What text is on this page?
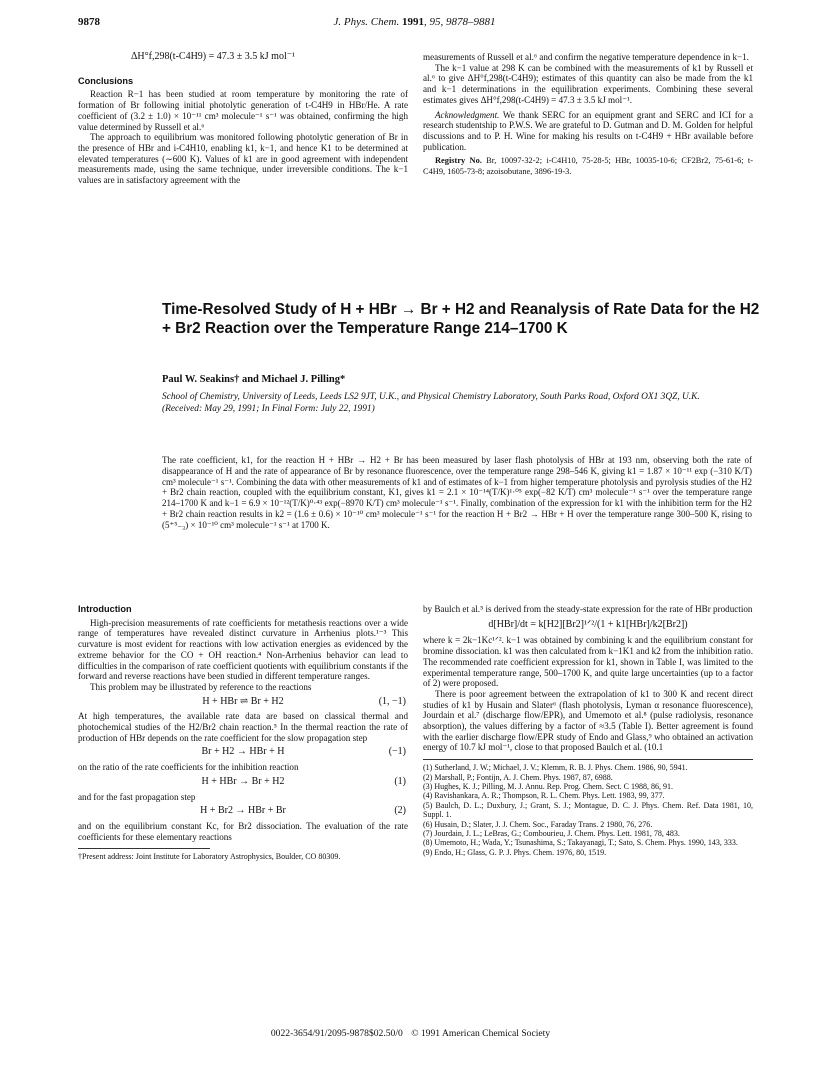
9878	J. Phys. Chem. 1991, 95, 9878–9881
ΔH°f,298(t-C4H9) = 47.3 ± 3.5 kJ mol⁻¹
Conclusions

Reaction R−1 has been studied at room temperature by monitoring the rate of formation of Br following initial photolytic generation of t-C4H9 in HBr/He. A rate coefficient of (3.2 ± 1.0) × 10⁻¹¹ cm³ molecule⁻¹ s⁻¹ was obtained, confirming the high value determined by Russell et al.⁶

The approach to equilibrium was monitored following photolytic generation of Br in the presence of HBr and i-C4H10, enabling k1, k−1, and hence K1 to be determined at elevated temperatures (∼600 K). Values of k1 are in good agreement with independent measurements made, using the same technique, under irreversible conditions. The k−1 values are in satisfactory agreement with the

measurements of Russell et al.⁶ and confirm the negative temperature dependence in k−1.

The k−1 value at 298 K can be combined with the measurements of k1 by Russell et al.⁶ to give ΔH°f,298(t-C4H9); estimates of this quantity can also be made from the k1 and k−1 determinations in the equilibration experiments. Combining these several estimates gives ΔH°f,298(t-C4H9) = 47.3 ± 3.5 kJ mol⁻¹.

Acknowledgment. We thank SERC for an equipment grant and SERC and ICI for a research studentship to P.W.S. We are grateful to D. Gutman and D. M. Golden for helpful discussions and to P. H. Wine for making his results on t-C4H9 + HBr available before publication.

Registry No. Br, 10097-32-2; i-C4H10, 75-28-5; HBr, 10035-10-6; CF2Br2, 75-61-6; t-C4H9, 1605-73-8; azoisobutane, 3896-19-3.

Time-Resolved Study of H + HBr → Br + H2 and Reanalysis of Rate Data for the H2 + Br2 Reaction over the Temperature Range 214–1700 K
Paul W. Seakins† and Michael J. Pilling*
School of Chemistry, University of Leeds, Leeds LS2 9JT, U.K., and Physical Chemistry Laboratory, South Parks Road, Oxford OX1 3QZ, U.K. (Received: May 29, 1991; In Final Form: July 22, 1991)
The rate coefficient, k1, for the reaction H + HBr → H2 + Br has been measured by laser flash photolysis of HBr at 193 nm, observing both the rate of disappearance of H and the rate of appearance of Br by resonance fluorescence, over the temperature range 298–546 K, giving k1 = 1.87 × 10⁻¹¹ exp (−310 K/T) cm³ molecule⁻¹ s⁻¹. Combining the data with other measurements of k1 and of estimates of k−1 from higher temperature photolysis and pyrolysis studies of the H2 + Br2 chain reaction, coupled with the equilibrium constant, K1, gives k1 = 2.1 × 10⁻¹⁴(T/K)¹·⁰⁵ exp(−82 K/T) cm³ molecule⁻¹ s⁻¹ over the temperature range 214–1700 K and k−1 = 6.9 × 10⁻¹²(T/K)⁰·⁴³ exp(−8970 K/T) cm³ molecule⁻¹ s⁻¹. Finally, combination of the expression for k1 with the inhibition term for the H2 + Br2 chain reaction results in k2 = (1.6 ± 0.6) × 10⁻¹⁰ cm³ molecule⁻¹ s⁻¹ for the reaction H + Br2 → HBr + H over the temperature range 300–500 K, rising to (5⁺⁵₋₃) × 10⁻¹⁰ cm³ molecule⁻¹ s⁻¹ at 1700 K.
Introduction

High-precision measurements of rate coefficients for metathesis reactions over a wide range of temperatures have revealed distinct curvature in Arrhenius plots.¹⁻³ This curvature is most evident for reactions with low activation energies as evidenced by the extreme behavior for the CO + OH reaction.⁴ Non-Arrhenius behavior can lead to difficulties in the comparison of rate coefficient quotients with equilibrium constants if the forward and reverse reactions have been studied in different temperature ranges.

This problem may be illustrated by reference to the reactions

H + HBr ⇌ Br + H2	(1, −1)

At high temperatures, the available rate data are based on classical thermal and photochemical studies of the H2/Br2 chain reaction.⁵ In the thermal reaction the rate of production of HBr depends on the rate coefficient for the slow propagation step

Br + H2 → HBr + H	(−1)

on the ratio of the rate coefficients for the inhibition reaction

H + HBr → Br + H2	(1)

and for the fast propagation step

H + Br2 → HBr + Br	(2)

and on the equilibrium constant Kc, for Br2 dissociation. The evaluation of the rate coefficients for these elementary reactions

†Present address: Joint Institute for Laboratory Astrophysics, Boulder, CO 80309.

by Baulch et al.⁵ is derived from the steady-state expression for the rate of HBr production

d[HBr]/dt = k[H2][Br2]¹ᐟ²/(1 + k1[HBr]/k2[Br2])

where k = 2k−1Kc¹ᐟ². k−1 was obtained by combining k and the equilibrium constant for bromine dissociation. k1 was then calculated from k−1K1 and k2 from the inhibition ratio. The recommended rate coefficient expression for k1, shown in Table I, was limited to the experimental temperature range, 500–1700 K, and quite large uncertainties (up to a factor of 2) were proposed.

There is poor agreement between the extrapolation of k1 to 300 K and recent direct studies of k1 by Husain and Slater⁶ (flash photolysis, Lyman α resonance fluorescence), Jourdain et al.⁷ (discharge flow/EPR), and Umemoto et al.⁸ (pulse radiolysis, resonance absorption), the values differing by a factor of ≈3.5 (Table I). Better agreement is found with the earlier discharge flow/EPR study of Endo and Glass,⁹ who obtained an activation energy of 10.7 kJ mol⁻¹, close to that proposed Baulch et al. (10.1

(1) Sutherland, J. W.; Michael, J. V.; Klemm, R. B. J. Phys. Chem. 1986, 90, 5941.

(2) Marshall, P.; Fontijn, A. J. Chem. Phys. 1987, 87, 6988.

(3) Hughes, K. J.; Pilling, M. J. Annu. Rep. Prog. Chem. Sect. C 1988, 86, 91.

(4) Ravishankara, A. R.; Thompson, R. L. Chem. Phys. Lett. 1983, 99, 377.

(5) Baulch, D. L.; Duxbury, J.; Grant, S. J.; Montague, D. C. J. Phys. Chem. Ref. Data 1981, 10, Suppl. 1.

(6) Husain, D.; Slater, J. J. Chem. Soc., Faraday Trans. 2 1980, 76, 276.

(7) Jourdain, J. L.; LeBras, G.; Combourieu, J. Chem. Phys. Lett. 1981, 78, 483.

(8) Umemoto, H.; Wada, Y.; Tsunashima, S.; Takayanagi, T.; Sato, S. Chem. Phys. 1990, 143, 333.

(9) Endo, H.; Glass, G. P. J. Phys. Chem. 1976, 80, 1519.

0022-3654/91/2095-9878$02.50/0 © 1991 American Chemical Society
